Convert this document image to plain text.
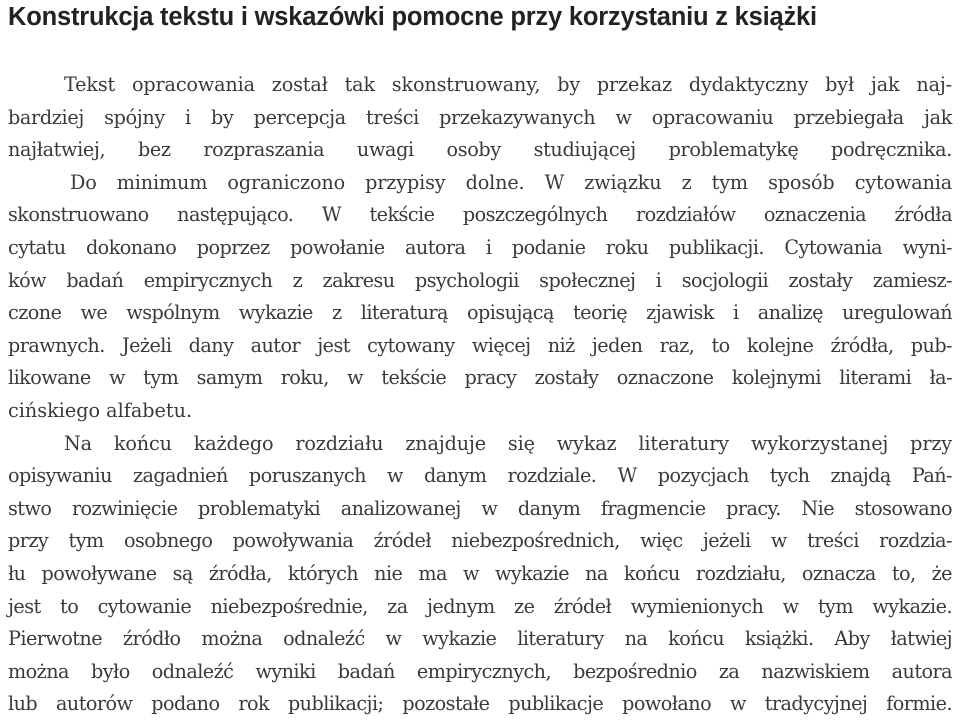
Konstrukcja tekstu i wskazówki pomocne przy korzystaniu z książki
Tekst opracowania został tak skonstruowany, by przekaz dydaktyczny był jak naj-
bardziej spójny i by percepcja treści przekazywanych w opracowaniu przebiegała jak
najłatwiej, bez rozpraszania uwagi osoby studiującej problematykę podręcznika.
Do minimum ograniczono przypisy dolne. W związku z tym sposób cytowania
skonstruowano następująco. W tekście poszczególnych rozdziałów oznaczenia źródła
cytatu dokonano poprzez powołanie autora i podanie roku publikacji. Cytowania wyni-
ków badań empirycznych z zakresu psychologii społecznej i socjologii zostały zamiesz-
czone we wspólnym wykazie z literaturą opisującą teorię zjawisk i analizę uregulowań
prawnych. Jeżeli dany autor jest cytowany więcej niż jeden raz, to kolejne źródła, pub-
likowane w tym samym roku, w tekście pracy zostały oznaczone kolejnymi literami ła-
cińskiego alfabetu.
Na końcu każdego rozdziału znajduje się wykaz literatury wykorzystanej przy
opisywaniu zagadnień poruszanych w danym rozdziale. W pozycjach tych znajdą Pań-
stwo rozwinięcie problematyki analizowanej w danym fragmencie pracy. Nie stosowano
przy tym osobnego powoływania źródeł niebezpośrednich, więc jeżeli w treści rozdzia-
łu powoływane są źródła, których nie ma w wykazie na końcu rozdziału, oznacza to, że
jest to cytowanie niebezpośrednie, za jednym ze źródeł wymienionych w tym wykazie.
Pierwotne źródło można odnaleźć w wykazie literatury na końcu książki. Aby łatwiej
można było odnaleźć wyniki badań empirycznych, bezpośrednio za nazwiskiem autora
lub autorów podano rok publikacji; pozostałe publikacje powołano w tradycyjnej formie.
